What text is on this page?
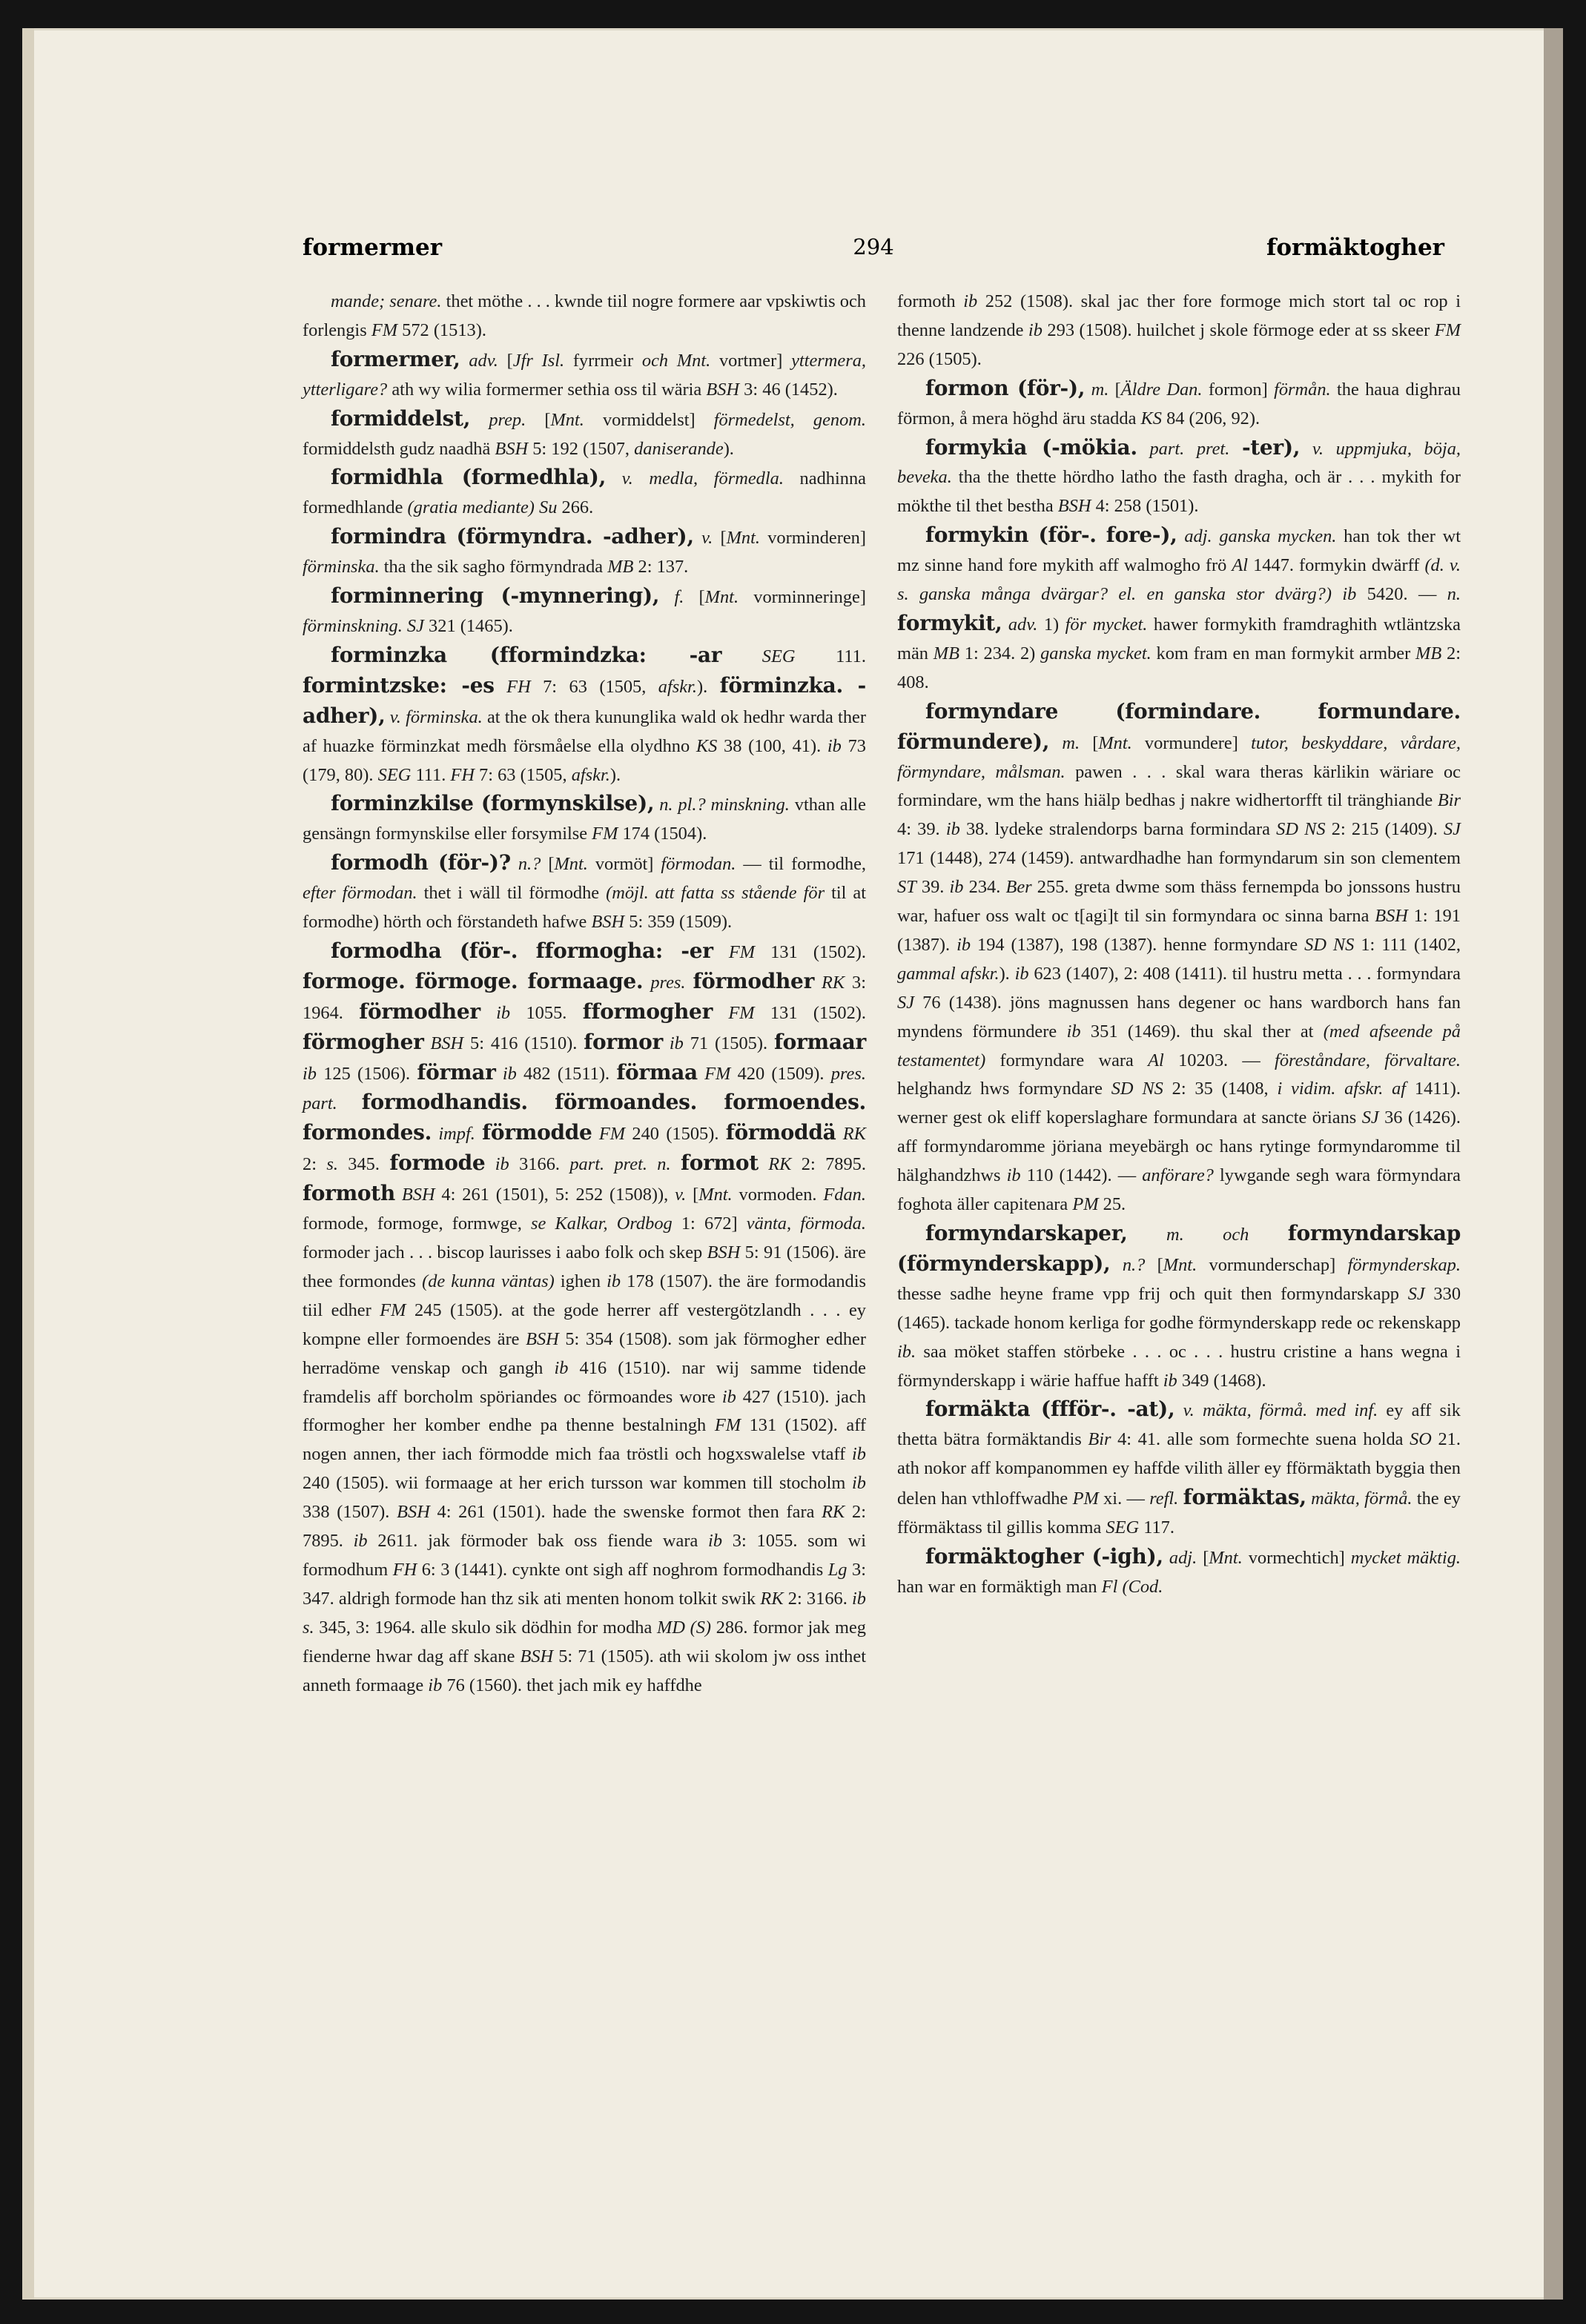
formermer	294	formäktogher

mande; senare. thet möthe . . . kwnde tiil nogre formere aar vpskiwtis och forlengis FM 572 (1513).

formermer, adv. [Jfr Isl. fyrrmeir och Mnt. vortmer] yttermera, ytterligare? ath wy wilia formermer sethia oss til wäria BSH 3: 46 (1452).

formiddelst, prep. [Mnt. vormiddelst] förmedelst, genom. formiddelsth gudz naadhä BSH 5: 192 (1507, daniserande).

formidhla (formedhla), v. medla, förmedla. nadhinna formedhlande (gratia mediante) Su 266.

formindra (förmyndra. -adher), v. [Mnt. vorminderen] förminska. tha the sik sagho förmyndrada MB 2: 137.

forminnering (-mynnering), f. [Mnt. vorminneringe] förminskning. SJ 321 (1465).

forminzka (fformindzka: -ar SEG 111. formintzske: -es FH 7: 63 (1505, afskr.). förminzka. -adher), v. förminska. at the ok thera kununglika wald ok hedhr warda ther af huazke förminzkat medh försmåelse ella olydhno KS 38 (100, 41). ib 73 (179, 80). SEG 111. FH 7: 63 (1505, afskr.).

forminzkilse (formynskilse), n. pl.? minskning. vthan alle gensängn formynskilse eller forsymilse FM 174 (1504).

formodh (för-)? n.? [Mnt. vormöt] förmodan. — til formodhe, efter förmodan. thet i wäll til förmodhe (möjl. att fatta ss stående för til at formodhe) hörth och förstandeth hafwe BSH 5: 359 (1509).

formodha (för-. fformogha: -er FM 131 (1502). formoge. förmoge. formaage. pres. förmodher RK 3: 1964. förmodher ib 1055. fformogher FM 131 (1502). förmogher BSH 5: 416 (1510). formor ib 71 (1505). formaar ib 125 (1506). förmar ib 482 (1511). förmaa FM 420 (1509). pres. part. formodhandis. förmoandes. formoendes. formondes. impf. förmodde FM 240 (1505). förmoddä RK 2: s. 345. formode ib 3166. part. pret. n. formot RK 2: 7895. formoth BSH 4: 261 (1501), 5: 252 (1508)), v. [Mnt. vormoden. Fdan. formode, formoge, formwge, se Kalkar, Ordbog 1: 672] vänta, förmoda. formoder jach . . . biscop laurisses i aabo folk och skep BSH 5: 91 (1506). äre thee formondes (de kunna väntas) ighen ib 178 (1507). the äre formodandis tiil edher FM 245 (1505). at the gode herrer aff vestergötzlandh . . . ey kompne eller formoendes äre BSH 5: 354 (1508). som jak förmogher edher herradöme venskap och gangh ib 416 (1510). nar wij samme tidende framdelis aff borcholm spöriandes oc förmoandes wore ib 427 (1510). jach fformogher her komber endhe pa thenne bestalningh FM 131 (1502). aff nogen annen, ther iach förmodde mich faa tröstli och hogxswalelse vtaff ib 240 (1505). wii formaage at her erich tursson war kommen till stocholm ib 338 (1507). BSH 4: 261 (1501). hade the swenske formot then fara RK 2: 7895. ib 2611. jak förmoder bak oss fiende wara ib 3: 1055. som wi formodhum FH 6: 3 (1441). cynkte ont sigh aff noghrom formodhandis Lg 3: 347. aldrigh formode han thz sik ati menten honom tolkit swik RK 2: 3166. ib s. 345, 3: 1964. alle skulo sik dödhin for modha MD (S) 286. formor jak meg fienderne hwar dag aff skane BSH 5: 71 (1505). ath wii skolom jw oss inthet anneth formaage ib 76 (1560). thet jach mik ey haffdhe

formoth ib 252 (1508). skal jac ther fore formoge mich stort tal oc rop i thenne landzende ib 293 (1508). huilchet j skole förmoge eder at ss skeer FM 226 (1505).

formon (för-), m. [Äldre Dan. formon] förmån. the haua dighrau förmon, å mera höghd äru stadda KS 84 (206, 92).

formykia (-mökia. part. pret. -ter), v. uppmjuka, böja, beveka. tha the thette hördho latho the fasth dragha, och är . . . mykith for mökthe til thet bestha BSH 4: 258 (1501).

formykin (för-. fore-), adj. ganska mycken. han tok ther wt mz sinne hand fore mykith aff walmogho frö Al 1447. formykin dwärff (d. v. s. ganska många dvärgar? el. en ganska stor dvärg?) ib 5420. — n. formykit, adv. 1) för mycket. hawer formykith framdraghith wtläntzska män MB 1: 234. 2) ganska mycket. kom fram en man formykit armber MB 2: 408.

formyndare (formindare. formundare. förmundere), m. [Mnt. vormundere] tutor, beskyddare, vårdare, förmyndare, målsman. pawen . . . skal wara theras kärlikin wäriare oc formindare, wm the hans hiälp bedhas j nakre widhertorfft til tränghiande Bir 4: 39. ib 38. lydeke stralendorps barna formindara SD NS 2: 215 (1409). SJ 171 (1448), 274 (1459). antwardhadhe han formyndarum sin son clementem ST 39. ib 234. Ber 255. greta dwme som thäss fernempda bo jonssons hustru war, hafuer oss walt oc t[agi]t til sin formyndara oc sinna barna BSH 1: 191 (1387). ib 194 (1387), 198 (1387). henne formyndare SD NS 1: 111 (1402, gammal afskr.). ib 623 (1407), 2: 408 (1411). til hustru metta . . . formyndara SJ 76 (1438). jöns magnussen hans degener oc hans wardborch hans fan myndens förmundere ib 351 (1469). thu skal ther at (med afseende på testamentet) formyndare wara Al 10203. — föreståndare, förvaltare. helghandz hws formyndare SD NS 2: 35 (1408, i vidim. afskr. af 1411). werner gest ok eliff koperslaghare formundara at sancte örians SJ 36 (1426). aff formyndaromme jöriana meyebärgh oc hans rytinge formyndaromme til hälghandzhws ib 110 (1442). — anförare? lywgande segh wara förmyndara foghota äller capitenara PM 25.

formyndarskaper, m. och formyndarskap (förmynderskapp), n.? [Mnt. vormunderschap] förmynderskap. thesse sadhe heyne frame vpp frij och quit then formyndarskapp SJ 330 (1465). tackade honom kerliga for godhe förmynderskapp rede oc rekenskapp ib. saa möket staffen störbeke . . . oc . . . hustru cristine a hans wegna i förmynderskapp i wärie haffue hafft ib 349 (1468).

formäkta (ffför-. -at), v. mäkta, förmå. med inf. ey aff sik thetta bätra formäktandis Bir 4: 41. alle som formechte suena holda SO 21. ath nokor aff kompanommen ey haffde vilith äller ey fförmäktath byggia then delen han vthloffwadhe PM xi. — refl. formäktas, mäkta, förmå. the ey fförmäktass til gillis komma SEG 117.

formäktogher (-igh), adj. [Mnt. vormechtich] mycket mäktig. han war en formäktigh man Fl (Cod.
